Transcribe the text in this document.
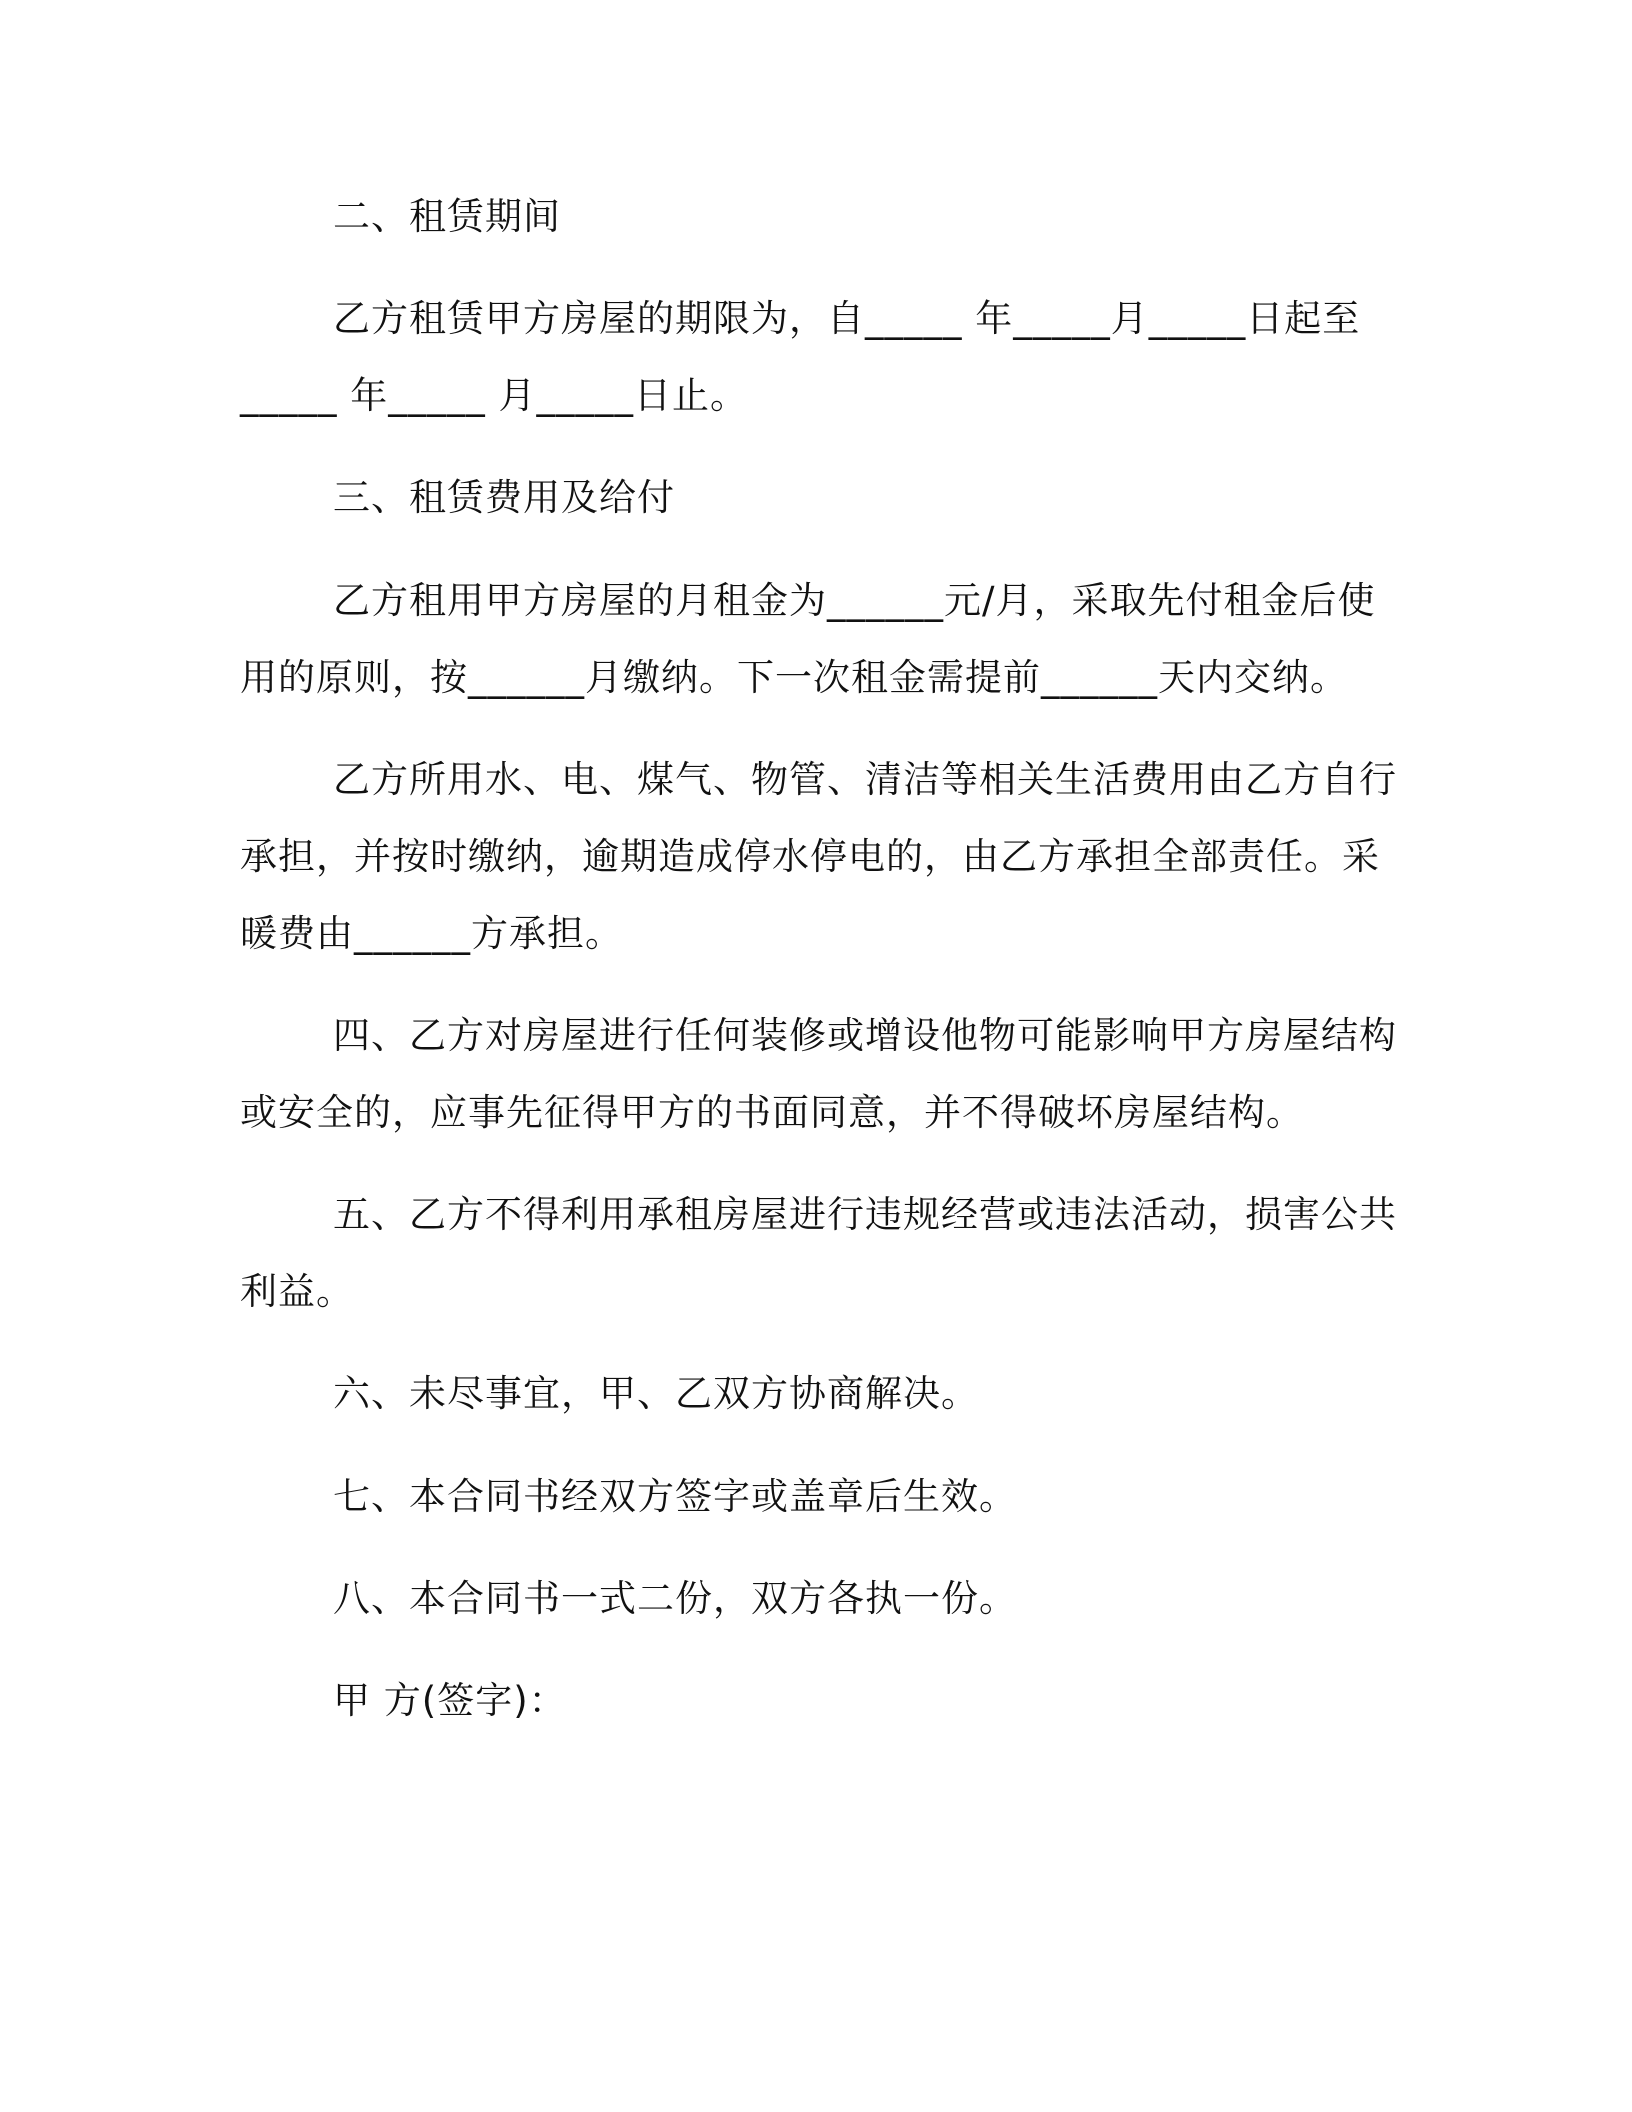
二、租赁期间
乙方租赁甲方房屋的期限为，自_____ 年_____月_____日起至
_____ 年_____ 月_____日止。
三、租赁费用及给付
乙方租用甲方房屋的月租金为______元/月，采取先付租金后使
用的原则，按______月缴纳。下一次租金需提前______天内交纳。
乙方所用水、电、煤气、物管、清洁等相关生活费用由乙方自行
承担，并按时缴纳，逾期造成停水停电的，由乙方承担全部责任。采
暖费由______方承担。
四、乙方对房屋进行任何装修或增设他物可能影响甲方房屋结构
或安全的，应事先征得甲方的书面同意，并不得破坏房屋结构。
五、乙方不得利用承租房屋进行违规经营或违法活动，损害公共
利益。
六、未尽事宜，甲、乙双方协商解决。
七、本合同书经双方签字或盖章后生效。
八、本合同书一式二份，双方各执一份。
甲 方(签字)：
